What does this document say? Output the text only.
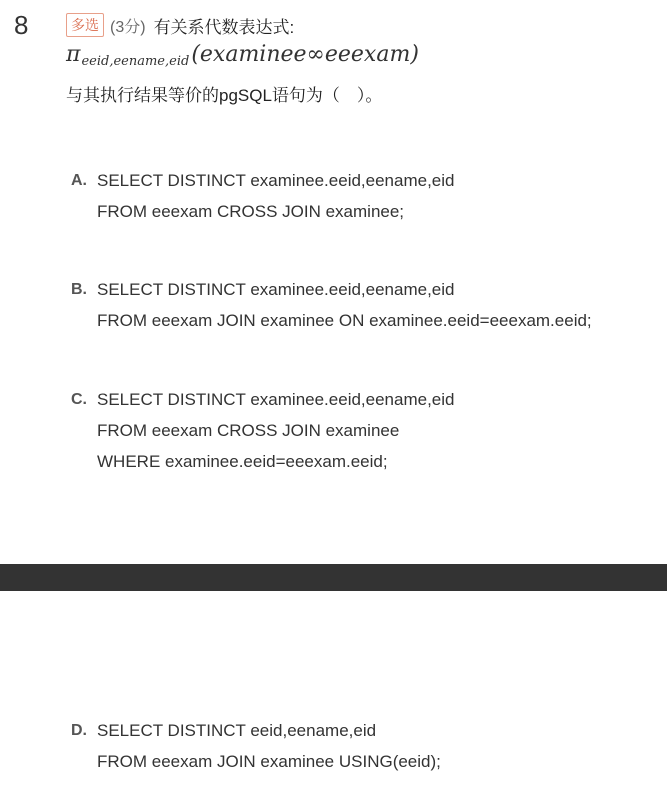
8	多选 (3分) 有关系代数表达式:
π eeid,eename,eid (examinee∞eeexam)
与其执行结果等价的pgSQL语句为（　）。
A. SELECT DISTINCT examinee.eeid,eename,eid
FROM eeexam CROSS JOIN examinee;
B. SELECT DISTINCT examinee.eeid,eename,eid
FROM eeexam JOIN examinee ON examinee.eeid=eeexam.eeid;
C. SELECT DISTINCT examinee.eeid,eename,eid
FROM eeexam CROSS JOIN examinee
WHERE examinee.eeid=eeexam.eeid;
D. SELECT DISTINCT eeid,eename,eid
FROM eeexam JOIN examinee USING(eeid);
